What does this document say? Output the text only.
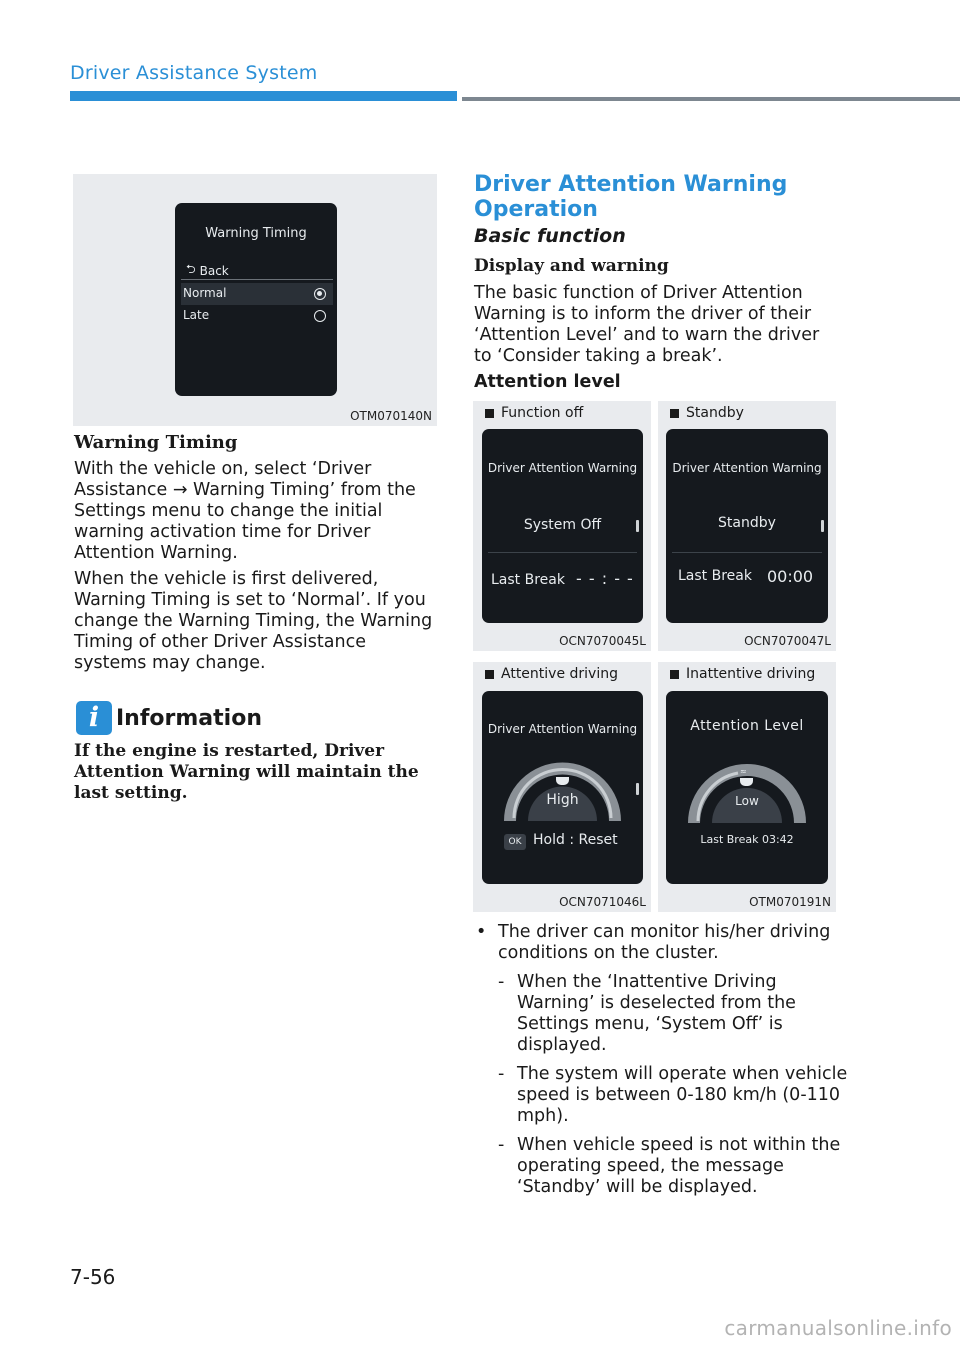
Driver Assistance System
Warning Timing
⮌ Back
Normal
Late
OTM070140N
Warning Timing
With the vehicle on, select ‘Driver Assistance → Warning Timing’ from the Settings menu to change the initial warning activation time for Driver Attention Warning.
When the vehicle is first delivered, Warning Timing is set to ‘Normal’. If you change the Warning Timing, the Warning Timing of other Driver Assistance systems may change.
i Information
If the engine is restarted, Driver Attention Warning will maintain the last setting.
Driver Attention Warning
Operation
Basic function
Display and warning
The basic function of Driver Attention Warning is to inform the driver of their ‘Attention Level’ and to warn the driver to ‘Consider taking a break’.
Attention level
Function off
Driver Attention Warning
System Off
Last Break - - : - -
OCN7070045L
Standby
Driver Attention Warning
Standby
Last Break 00:00
OCN7070047L
Attentive driving
Driver Attention Warning
High
OK Hold : Reset
OCN7071046L
Inattentive driving
Attention Level
≈
Low
Last Break 03:42
OTM070191N
• The driver can monitor his/her driving conditions on the cluster.
- When the ‘Inattentive Driving Warning’ is deselected from the Settings menu, ‘System Off’ is displayed.
- The system will operate when vehicle speed is between 0-180 km/h (0-110 mph).
- When vehicle speed is not within the operating speed, the message ‘Standby’ will be displayed.
7-56
carmanualsonline.info
